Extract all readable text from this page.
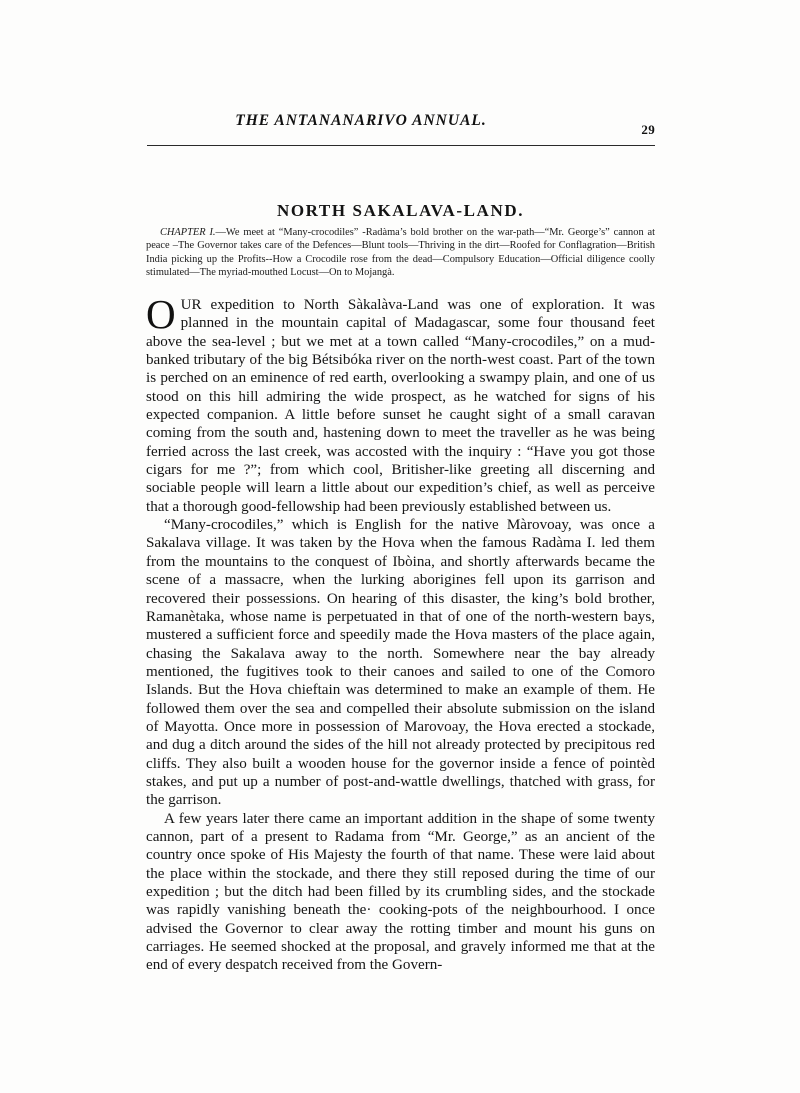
THE ANTANANARIVO ANNUAL.
29
NORTH SAKALAVA-LAND.
CHAPTER I.—We meet at “Many-crocodiles” -Radàma’s bold brother on the war-path—“Mr. George’s” cannon at peace –The Governor takes care of the Defences—Blunt tools—Thriving in the dirt—Roofed for Conflagration—British India picking up the Profits--How a Crocodile rose from the dead—Compulsory Education—Official diligence coolly stimulated—The myriad-mouthed Locust—On to Mojangà.

OUR expedition to North Sàkalàva-Land was one of exploration. It was planned in the mountain capital of Madagascar, some four thousand feet above the sea-level ; but we met at a town called “Many-crocodiles,” on a mud-banked tributary of the big Bétsibóka river on the north-west coast. Part of the town is perched on an eminence of red earth, overlooking a swampy plain, and one of us stood on this hill admiring the wide prospect, as he watched for signs of his expected companion. A little before sunset he caught sight of a small caravan coming from the south and, hastening down to meet the traveller as he was being ferried across the last creek, was accosted with the inquiry : “Have you got those cigars for me ?”; from which cool, Britisher-like greeting all discerning and sociable people will learn a little about our expedition’s chief, as well as perceive that a thorough good-fellowship had been previously established between us.

“Many-crocodiles,” which is English for the native Màrovoay, was once a Sakalava village. It was taken by the Hova when the famous Radàma I. led them from the mountains to the conquest of Ibòina, and shortly afterwards became the scene of a massacre, when the lurking aborigines fell upon its garrison and recovered their possessions. On hearing of this disaster, the king’s bold brother, Ramanètaka, whose name is perpetuated in that of one of the north-western bays, mustered a sufficient force and speedily made the Hova masters of the place again, chasing the Sakalava away to the north. Somewhere near the bay already mentioned, the fugitives took to their canoes and sailed to one of the Comoro Islands. But the Hova chieftain was determined to make an example of them. He followed them over the sea and compelled their absolute submission on the island of Mayotta. Once more in possession of Marovoay, the Hova erected a stockade, and dug a ditch around the sides of the hill not already protected by precipitous red cliffs. They also built a wooden house for the governor inside a fence of pointèd stakes, and put up a number of post-and-wattle dwellings, thatched with grass, for the garrison.

A few years later there came an important addition in the shape of some twenty cannon, part of a present to Radama from “Mr. George,” as an ancient of the country once spoke of His Majesty the fourth of that name. These were laid about the place within the stockade, and there they still reposed during the time of our expedition ; but the ditch had been filled by its crumbling sides, and the stockade was rapidly vanishing beneath the· cooking-pots of the neighbourhood. I once advised the Governor to clear away the rotting timber and mount his guns on carriages. He seemed shocked at the proposal, and gravely informed me that at the end of every despatch received from the Govern-
